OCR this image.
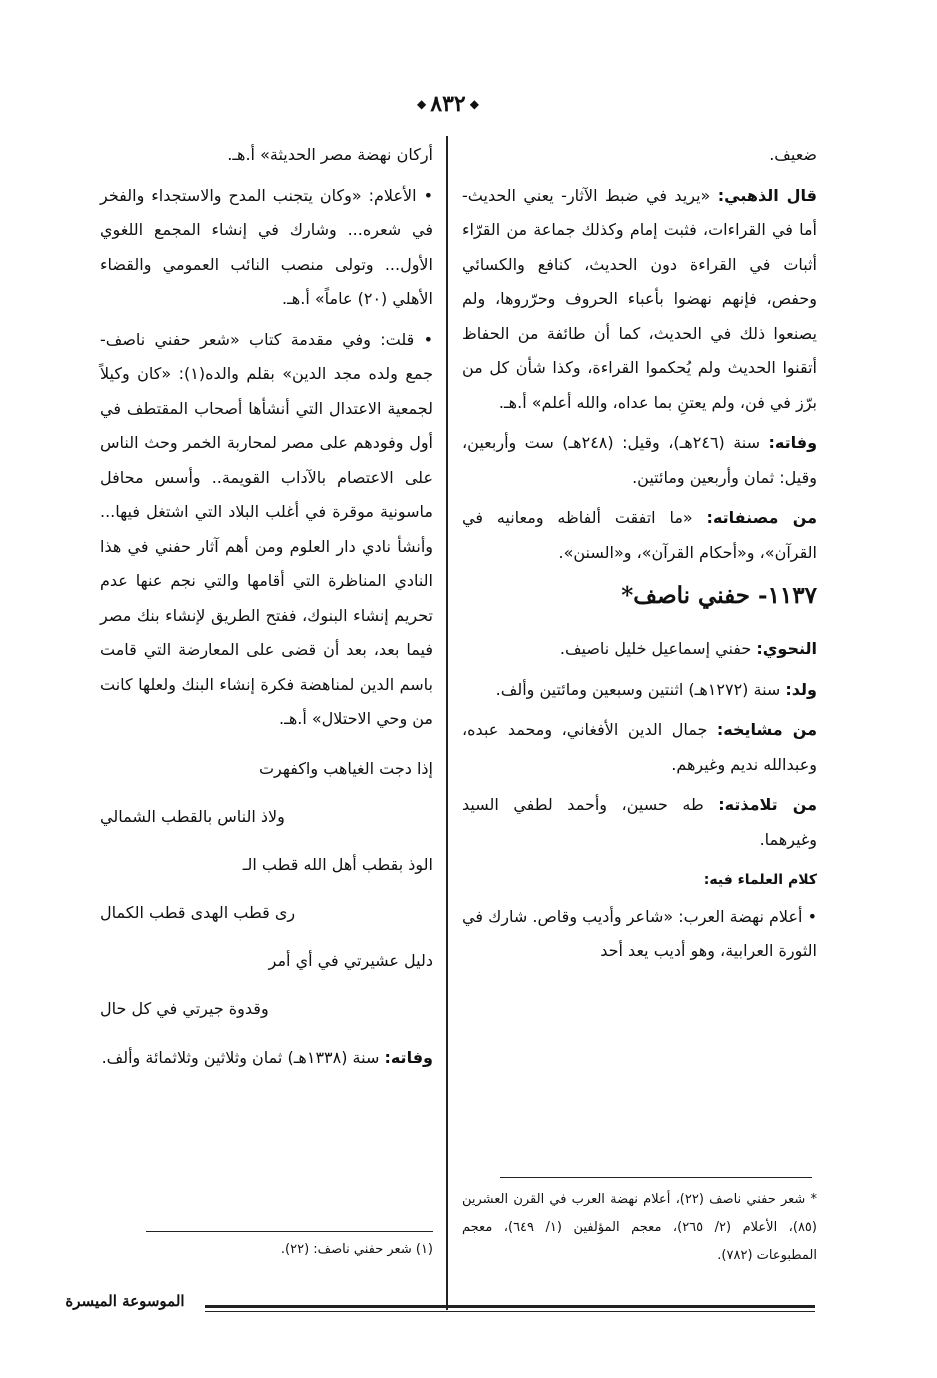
◆
٨٣٢
◆

ضعيف.

قال الذهبي: «يريد في ضبط الآثار- يعني الحديث- أما في القراءات، فثبت إمام وكذلك جماعة من القرّاء أثبات في القراءة دون الحديث، كنافع والكسائي وحفص، فإنهم نهضوا بأعباء الحروف وحرّروها، ولم يصنعوا ذلك في الحديث، كما أن طائفة من الحفاظ أتقنوا الحديث ولم يُحكموا القراءة، وكذا شأن كل من برّز في فن، ولم يعتنِ بما عداه، والله أعلم» أ.هـ.

وفاته: سنة (٢٤٦هـ)، وقيل: (٢٤٨هـ) ست وأربعين، وقيل: ثمان وأربعين ومائتين.

من مصنفاته: «ما اتفقت ألفاظه ومعانيه في القرآن»، و«أحكام القرآن»، و«السنن».

١١٣٧- حفني ناصف*

النحوي: حفني إسماعيل خليل ناصيف.

ولد: سنة (١٢٧٢هـ) اثنتين وسبعين ومائتين وألف.

من مشايخه: جمال الدين الأفغاني، ومحمد عبده، وعبدالله نديم وغيرهم.

من تلامذته: طه حسين، وأحمد لطفي السيد وغيرهما.

كلام العلماء فيه:

• أعلام نهضة العرب: «شاعر وأديب وقاص. شارك في الثورة العرابية، وهو أديب يعد أحد

أركان نهضة مصر الحديثة» أ.هـ.

• الأعلام: «وكان يتجنب المدح والاستجداء والفخر في شعره... وشارك في إنشاء المجمع اللغوي الأول... وتولى منصب النائب العمومي والقضاء الأهلي (٢٠) عاماً» أ.هـ.

• قلت: وفي مقدمة كتاب «شعر حفني ناصف- جمع ولده مجد الدين» بقلم والده(١): «كان وكيلاً لجمعية الاعتدال التي أنشأها أصحاب المقتطف في أول وفودهم على مصر لمحاربة الخمر وحث الناس على الاعتصام بالآداب القويمة.. وأسس محافل ماسونية موقرة في أغلب البلاد التي اشتغل فيها... وأنشأ نادي دار العلوم ومن أهم آثار حفني في هذا النادي المناظرة التي أقامها والتي نجم عنها عدم تحريم إنشاء البنوك، ففتح الطريق لإنشاء بنك مصر فيما بعد، بعد أن قضى على المعارضة التي قامت باسم الدين لمناهضة فكرة إنشاء البنك ولعلها كانت من وحي الاحتلال» أ.هـ.

إذا دجت الغياهب واكفهرت
ولاذ الناس بالقطب الشمالي
الوذ بقطب أهل الله قطب الـ
رى قطب الهدى قطب الكمال
دليل عشيرتي في أي أمر
وقدوة جيرتي في كل حال

وفاته: سنة (١٣٣٨هـ) ثمان وثلاثين وثلاثمائة وألف.

* شعر حفني ناصف (٢٢)، أعلام نهضة العرب في القرن العشرين (٨٥)، الأعلام (٢/ ٢٦٥)، معجم المؤلفين (١/ ٦٤٩)، معجم المطبوعات (٧٨٢).
(١) شعر حفني ناصف: (٢٢).
الموسوعة الميسرة
